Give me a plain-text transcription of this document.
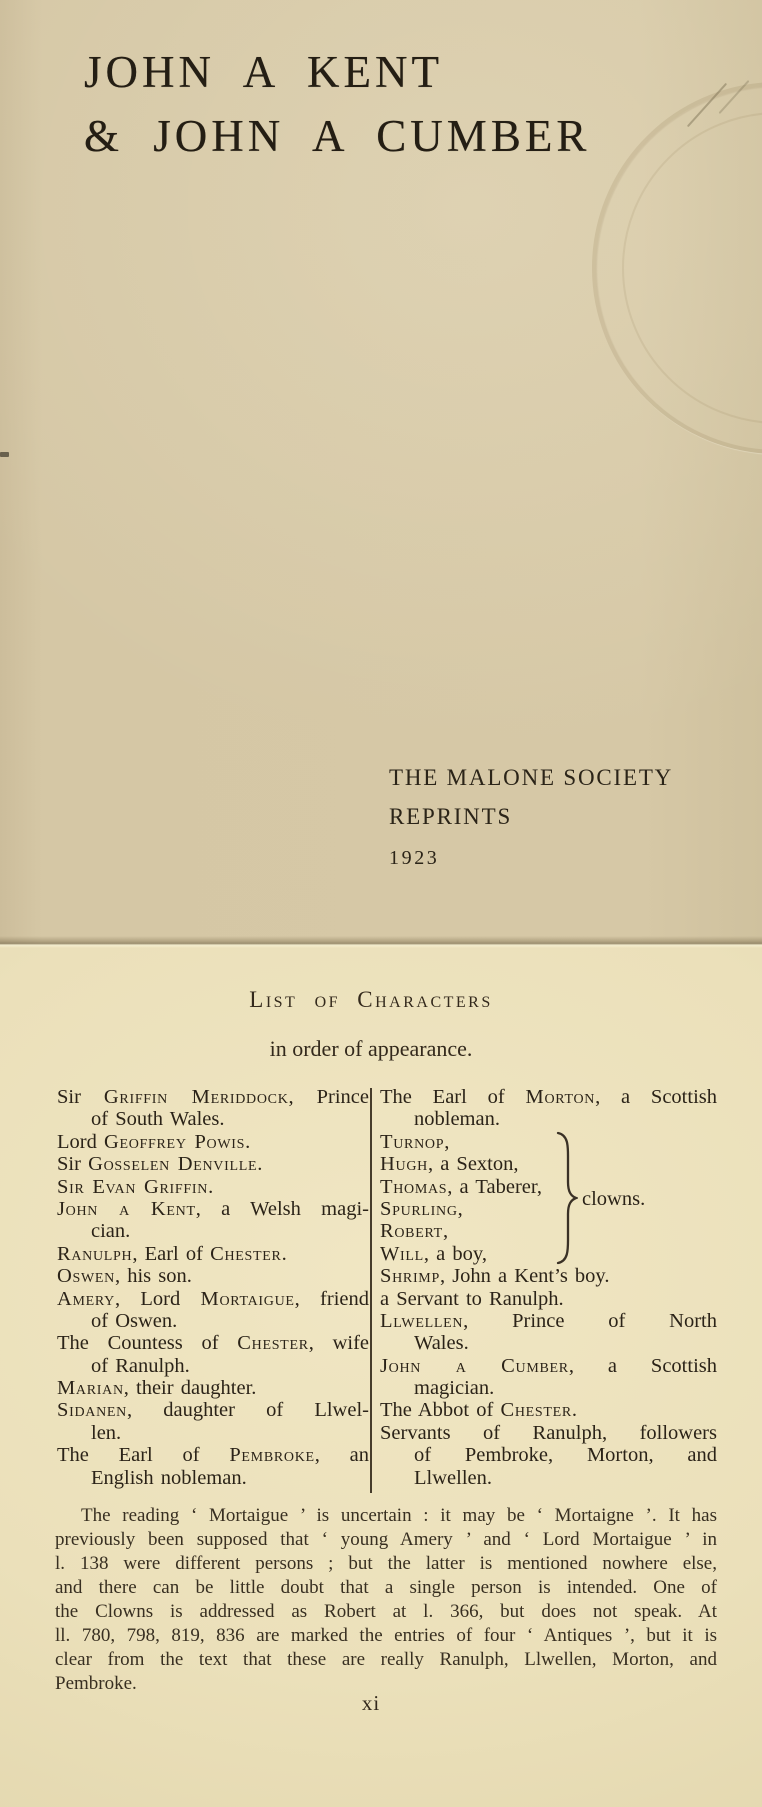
JOHN A KENT
& JOHN A CUMBER
THE MALONE SOCIETY
REPRINTS
1923
List of Characters
in order of appearance.
Sir Griffin Meriddock, Prince
of South Wales.
Lord Geoffrey Powis.
Sir Gosselen Denville.
Sir Evan Griffin.
John a Kent, a Welsh magi-
cian.
Ranulph, Earl of Chester.
Oswen, his son.
Amery, Lord Mortaigue, friend
of Oswen.
The Countess of Chester, wife
of Ranulph.
Marian, their daughter.
Sidanen, daughter of Llwel-
len.
The Earl of Pembroke, an
English nobleman.
The Earl of Morton, a Scottish
nobleman.
Turnop,
Hugh, a Sexton,
Thomas, a Taberer,
Spurling,
Robert,
Will, a boy,
clowns.
Shrimp, John a Kent’s boy.
a Servant to Ranulph.
Llwellen, Prince of North
Wales.
John a Cumber, a Scottish
magician.
The Abbot of Chester.
Servants of Ranulph, followers
of Pembroke, Morton, and
Llwellen.
The reading ‘ Mortaigue ’ is uncertain : it may be ‘ Mortaigne ’. It has
previously been supposed that ‘ young Amery ’ and ‘ Lord Mortaigue ’ in
l. 138 were different persons ; but the latter is mentioned nowhere else,
and there can be little doubt that a single person is intended. One of
the Clowns is addressed as Robert at l. 366, but does not speak. At
ll. 780, 798, 819, 836 are marked the entries of four ‘ Antiques ’, but it is
clear from the text that these are really Ranulph, Llwellen, Morton, and
Pembroke.
xi
